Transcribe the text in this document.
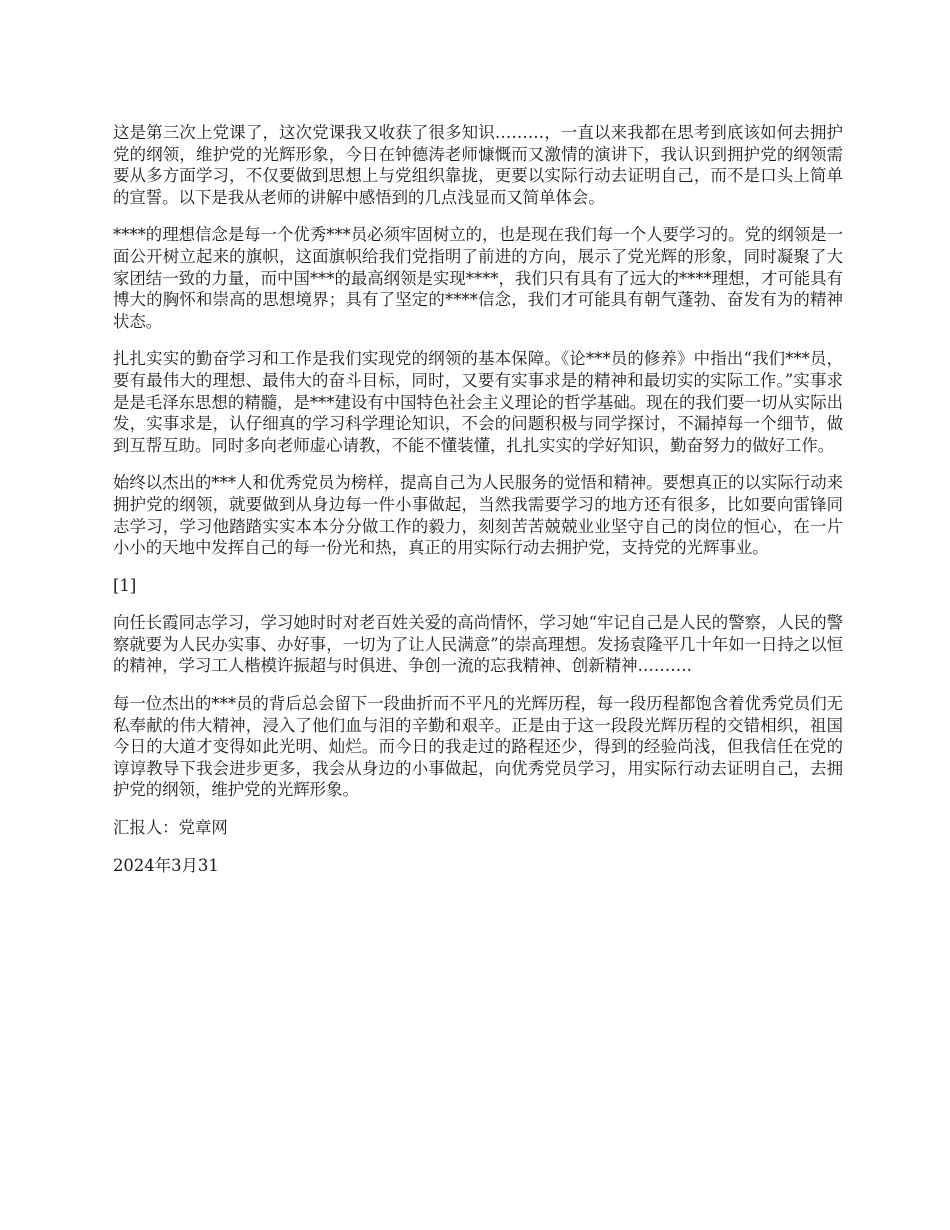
这是第三次上党课了，这次党课我又收获了很多知识………，一直以来我都在思考到底该如何去拥护党的纲领，维护党的光辉形象，今日在钟德涛老师慷慨而又激情的演讲下，我认识到拥护党的纲领需要从多方面学习，不仅要做到思想上与党组织靠拢，更要以实际行动去证明自己，而不是口头上简单的宣誓。以下是我从老师的讲解中感悟到的几点浅显而又简单体会。

****的理想信念是每一个优秀***员必须牢固树立的，也是现在我们每一个人要学习的。党的纲领是一面公开树立起来的旗帜，这面旗帜给我们党指明了前进的方向，展示了党光辉的形象，同时凝聚了大家团结一致的力量，而中国***的最高纲领是实现****，我们只有具有了远大的****理想，才可能具有博大的胸怀和崇高的思想境界；具有了坚定的****信念，我们才可能具有朝气蓬勃、奋发有为的精神状态。

扎扎实实的勤奋学习和工作是我们实现党的纲领的基本保障。《论***员的修养》中指出“我们***员，要有最伟大的理想、最伟大的奋斗目标，同时，又要有实事求是的精神和最切实的实际工作。”实事求是是毛泽东思想的精髓，是***建设有中国特色社会主义理论的哲学基础。现在的我们要一切从实际出发，实事求是，认仔细真的学习科学理论知识，不会的问题积极与同学探讨，不漏掉每一个细节，做到互帮互助。同时多向老师虚心请教，不能不懂装懂，扎扎实实的学好知识，勤奋努力的做好工作。

始终以杰出的***人和优秀党员为榜样，提高自己为人民服务的觉悟和精神。要想真正的以实际行动来拥护党的纲领，就要做到从身边每一件小事做起，当然我需要学习的地方还有很多，比如要向雷锋同志学习，学习他踏踏实实本本分分做工作的毅力，刻刻苦苦兢兢业业坚守自己的岗位的恒心，在一片小小的天地中发挥自己的每一份光和热，真正的用实际行动去拥护党，支持党的光辉事业。

[1]

向任长霞同志学习，学习她时时对老百姓关爱的高尚情怀，学习她“牢记自己是人民的警察，人民的警察就要为人民办实事、办好事，一切为了让人民满意”的崇高理想。发扬袁隆平几十年如一日持之以恒的精神，学习工人楷模许振超与时俱进、争创一流的忘我精神、创新精神……….

每一位杰出的***员的背后总会留下一段曲折而不平凡的光辉历程，每一段历程都饱含着优秀党员们无私奉献的伟大精神，浸入了他们血与泪的辛勤和艰辛。正是由于这一段段光辉历程的交错相织，祖国今日的大道才变得如此光明、灿烂。而今日的我走过的路程还少，得到的经验尚浅，但我信任在党的谆谆教导下我会进步更多，我会从身边的小事做起，向优秀党员学习，用实际行动去证明自己，去拥护党的纲领，维护党的光辉形象。

汇报人：党章网

2024年3月31
